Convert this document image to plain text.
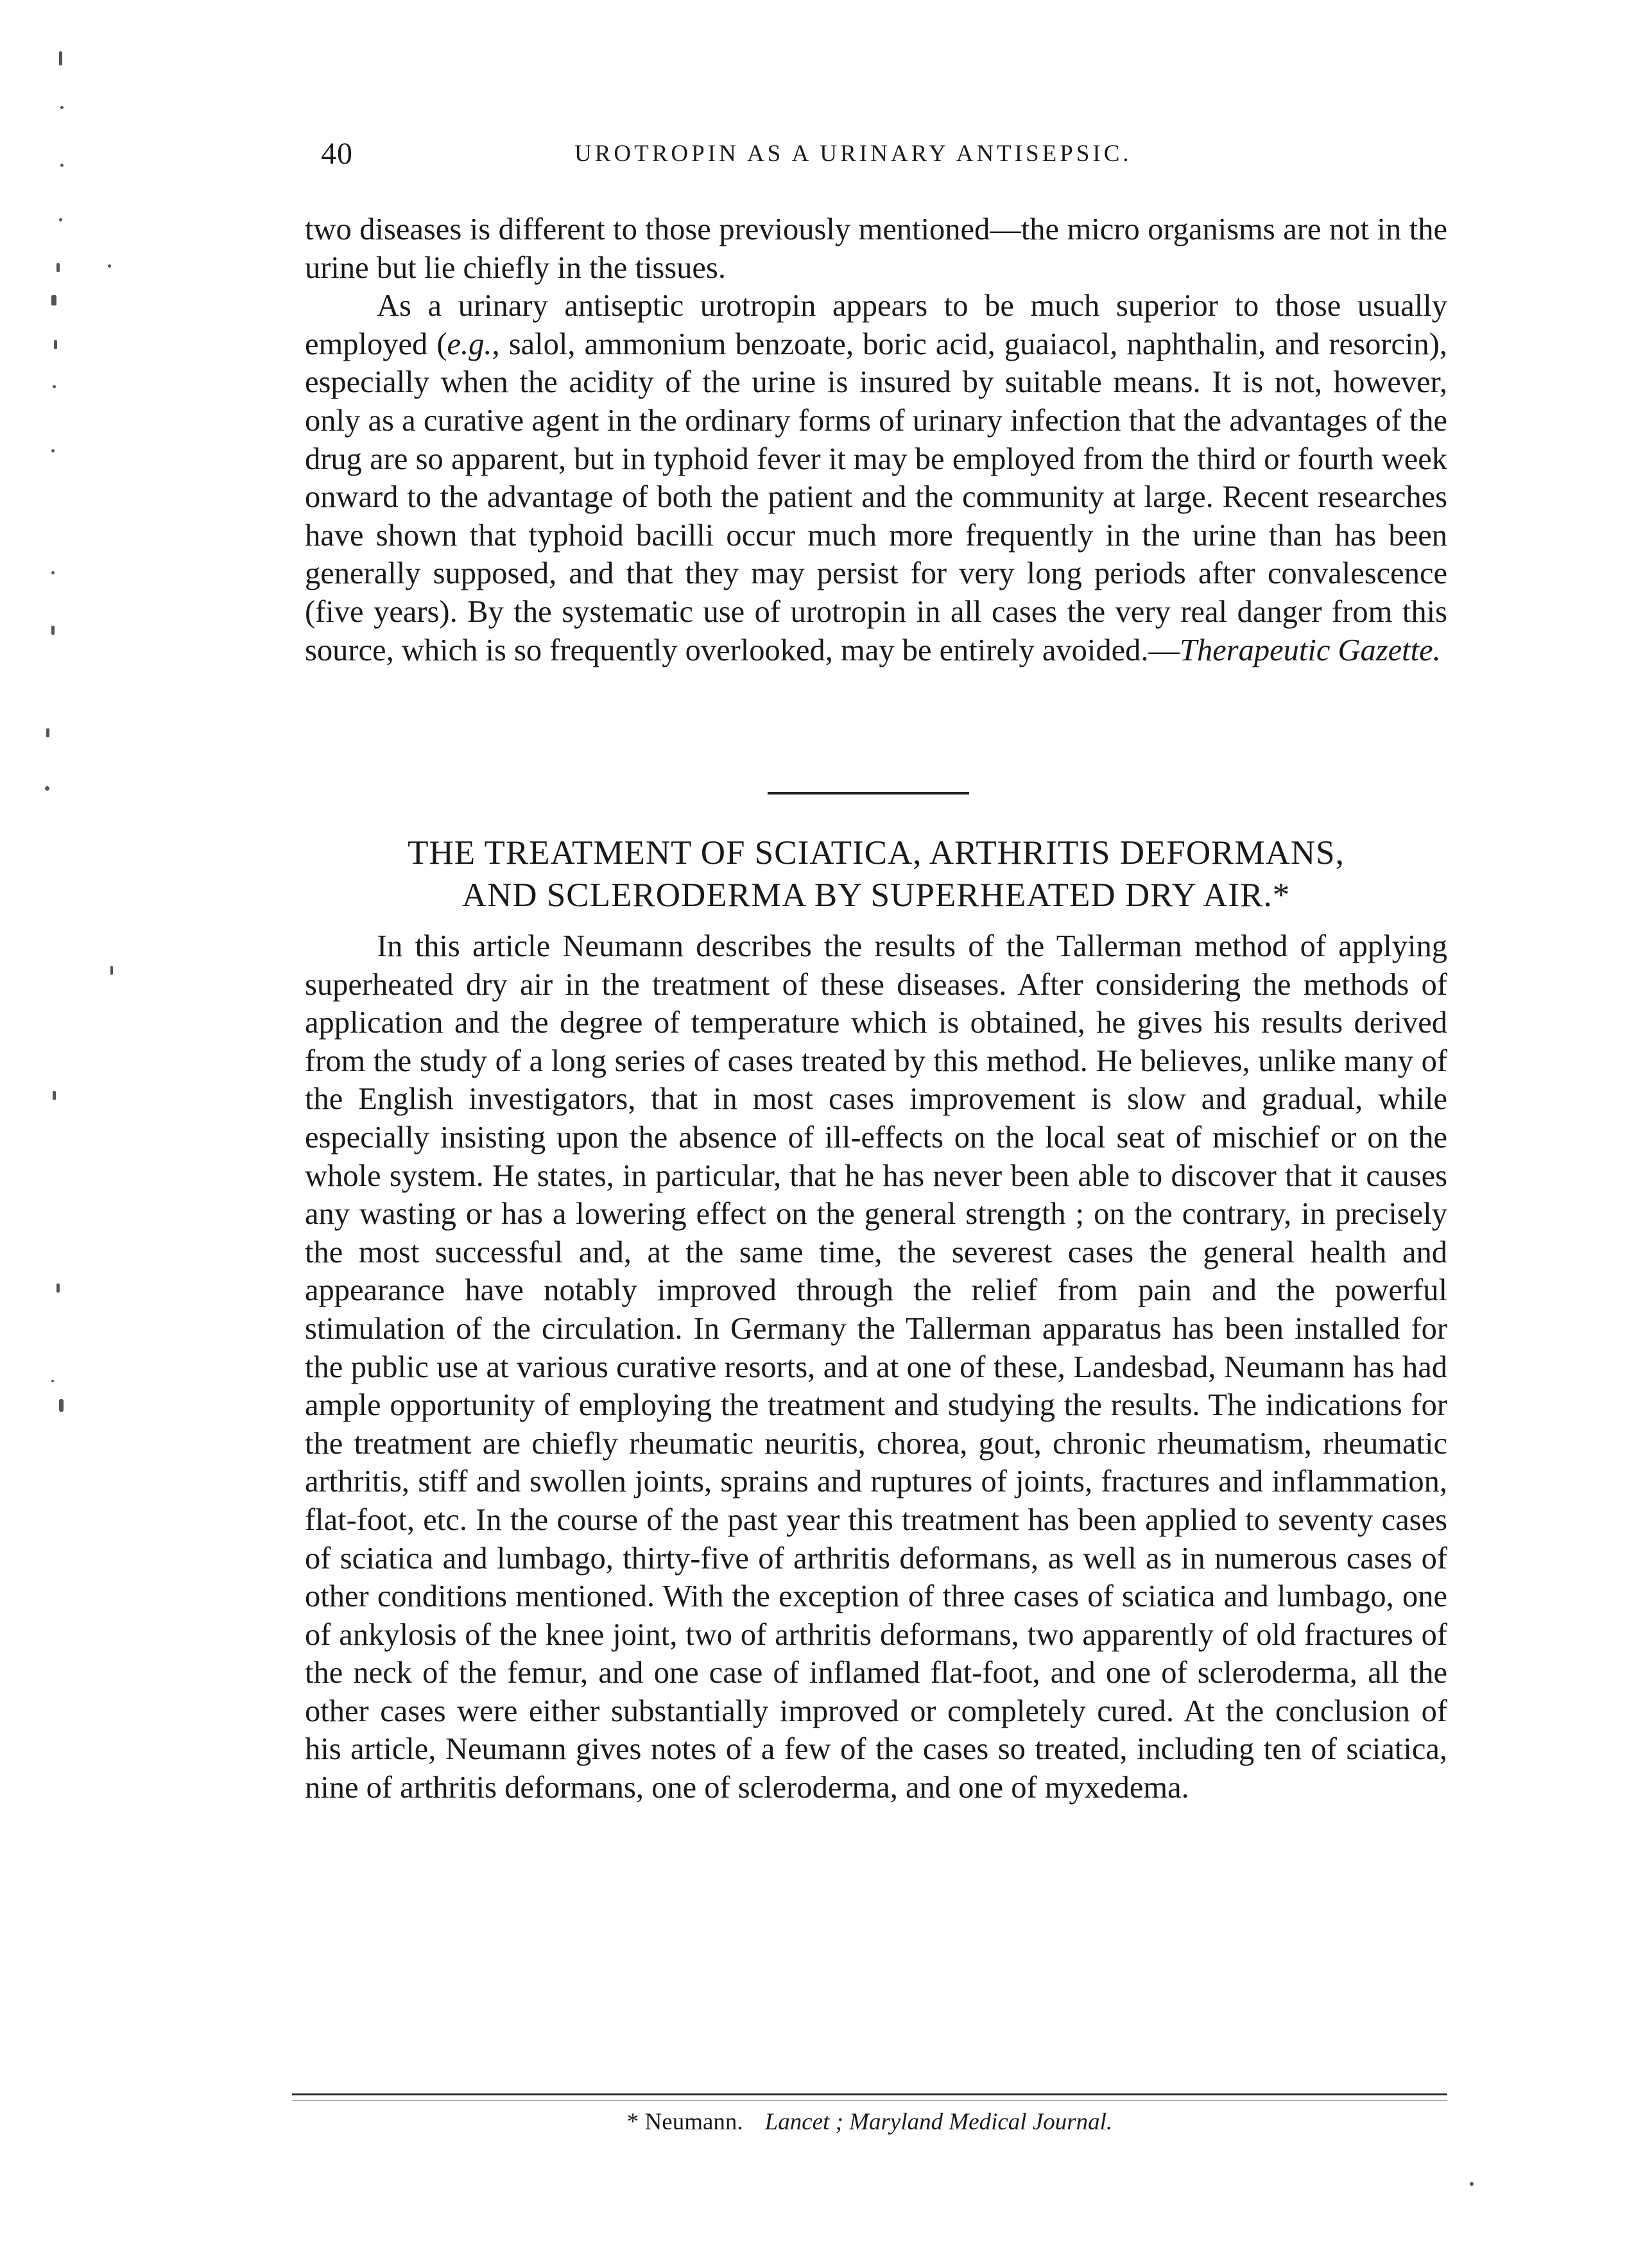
40	UROTROPIN AS A URINARY ANTISEPSIC.

two diseases is different to those previously mentioned—the micro organisms are not in the urine but lie chiefly in the tissues.

As a urinary antiseptic urotropin appears to be much superior to those usually employed (e.g., salol, ammonium benzoate, boric acid, guaiacol, naphthalin, and resorcin), especially when the acidity of the urine is insured by suitable means. It is not, however, only as a curative agent in the ordinary forms of urinary infection that the advantages of the drug are so apparent, but in typhoid fever it may be employed from the third or fourth week onward to the advantage of both the patient and the community at large. Recent researches have shown that typhoid bacilli occur much more frequently in the urine than has been generally supposed, and that they may persist for very long periods after convalescence (five years). By the systematic use of urotropin in all cases the very real danger from this source, which is so frequently overlooked, may be entirely avoided.—Therapeutic Gazette.

THE TREATMENT OF SCIATICA, ARTHRITIS DEFORMANS,
AND SCLERODERMA BY SUPERHEATED DRY AIR.*

In this article Neumann describes the results of the Tallerman method of applying superheated dry air in the treatment of these diseases. After considering the methods of application and the degree of temperature which is obtained, he gives his results derived from the study of a long series of cases treated by this method. He believes, unlike many of the English investigators, that in most cases improvement is slow and gradual, while especially insisting upon the absence of ill-effects on the local seat of mischief or on the whole system. He states, in particular, that he has never been able to discover that it causes any wasting or has a lowering effect on the general strength ; on the contrary, in precisely the most successful and, at the same time, the severest cases the general health and appearance have notably improved through the relief from pain and the powerful stimulation of the circulation. In Germany the Tallerman apparatus has been installed for the public use at various curative resorts, and at one of these, Landesbad, Neumann has had ample opportunity of employing the treatment and studying the results. The indications for the treatment are chiefly rheumatic neuritis, chorea, gout, chronic rheumatism, rheumatic arthritis, stiff and swollen joints, sprains and ruptures of joints, fractures and inflammation, flat-foot, etc. In the course of the past year this treatment has been applied to seventy cases of sciatica and lumbago, thirty-five of arthritis deformans, as well as in numerous cases of other conditions mentioned. With the exception of three cases of sciatica and lumbago, one of ankylosis of the knee joint, two of arthritis deformans, two apparently of old fractures of the neck of the femur, and one case of inflamed flat-foot, and one of scleroderma, all the other cases were either substantially improved or completely cured. At the conclusion of his article, Neumann gives notes of a few of the cases so treated, including ten of sciatica, nine of arthritis deformans, one of scleroderma, and one of myxedema.

* Neumann. Lancet ; Maryland Medical Journal.
